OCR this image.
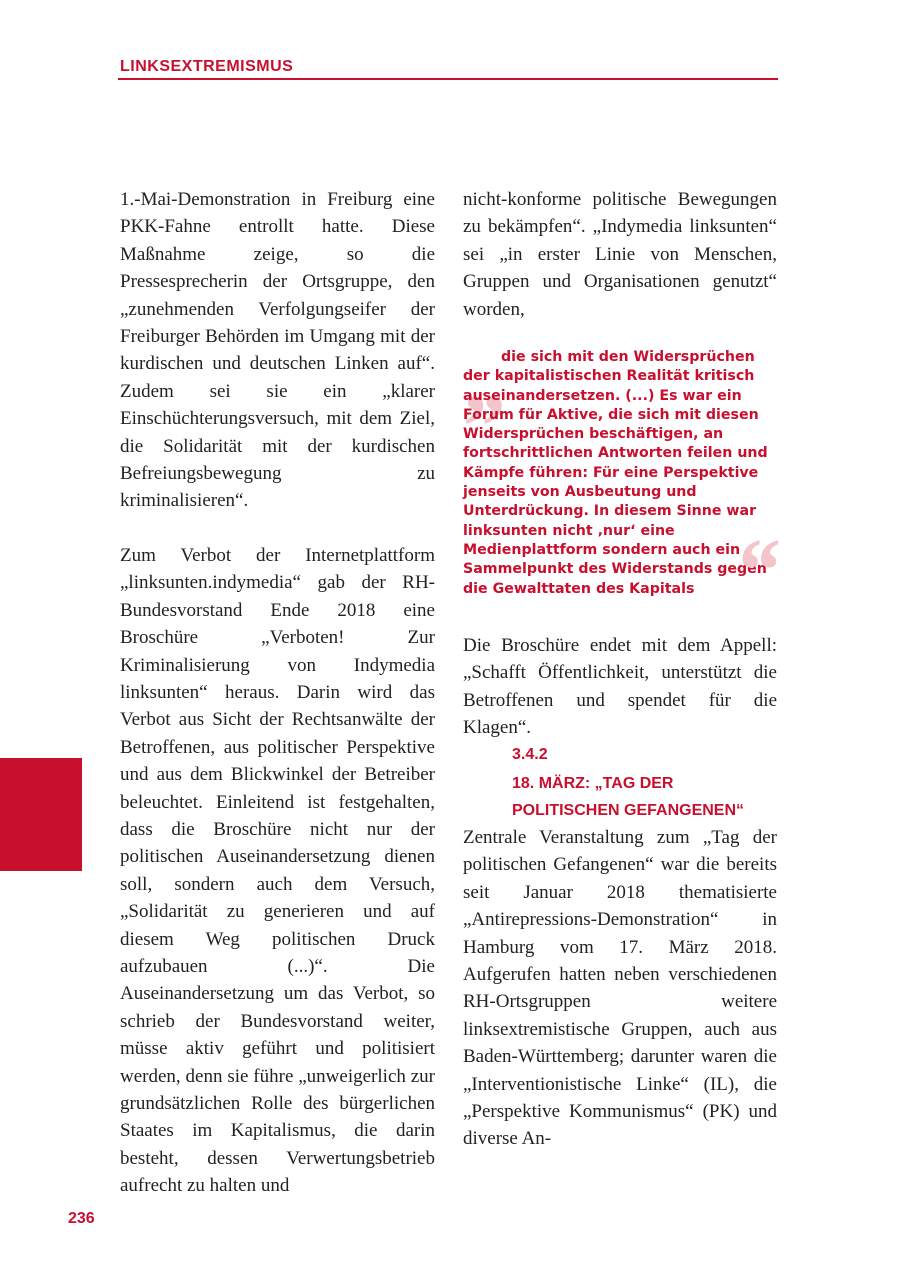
LINKSEXTREMISMUS

1.-Mai-Demonstration in Freiburg eine PKK-Fahne entrollt hatte. Diese Maßnahme zeige, so die Pressesprecherin der Ortsgruppe, den „zunehmenden Verfolgungseifer der Freiburger Behörden im Umgang mit der kurdischen und deutschen Linken auf“. Zudem sei sie ein „klarer Einschüchterungsversuch, mit dem Ziel, die Solidarität mit der kurdischen Befreiungsbewegung zu kriminalisieren“.

Zum Verbot der Internetplattform „linksunten.indymedia“ gab der RH-Bundesvorstand Ende 2018 eine Broschüre „Verboten! Zur Kriminalisierung von Indymedia linksunten“ heraus. Darin wird das Verbot aus Sicht der Rechtsanwälte der Betroffenen, aus politischer Perspektive und aus dem Blickwinkel der Betreiber beleuchtet. Einleitend ist festgehalten, dass die Broschüre nicht nur der politischen Auseinandersetzung dienen soll, sondern auch dem Versuch, „Solidarität zu generieren und auf diesem Weg politischen Druck aufzubauen (...)“. Die Auseinandersetzung um das Verbot, so schrieb der Bundesvorstand weiter, müsse aktiv geführt und politisiert werden, denn sie führe „unweigerlich zur grundsätzlichen Rolle des bürgerlichen Staates im Kapitalismus, die darin besteht, dessen Verwertungsbetrieb aufrecht zu halten und

nicht-konforme politische Bewegungen zu bekämpfen“. „Indymedia linksunten“ sei „in erster Linie von Menschen, Gruppen und Organisationen genutzt“ worden,

„

die sich mit den Widersprüchen der kapitalistischen Realität kritisch auseinandersetzen. (...) Es war ein Forum für Aktive, die sich mit diesen Widersprüchen beschäftigen, an fortschrittlichen Antworten feilen und Kämpfe führen: Für eine Perspektive jenseits von Ausbeutung und Unterdrückung. In diesem Sinne war linksunten nicht ‚nur‘ eine Medienplattform sondern auch ein Sammelpunkt des Widerstands gegen die Gewalttaten des Kapitals “

Die Broschüre endet mit dem Appell: „Schafft Öffentlichkeit, unterstützt die Betroffenen und spendet für die Klagen“.

3.4.2
18. MÄRZ: „TAG DER
POLITISCHEN GEFANGENEN“

Zentrale Veranstaltung zum „Tag der politischen Gefangenen“ war die bereits seit Januar 2018 thematisierte „Antirepressions-Demonstration“ in Hamburg vom 17. März 2018. Aufgerufen hatten neben verschiedenen RH-Ortsgruppen weitere linksextremistische Gruppen, auch aus Baden-Württemberg; darunter waren die „Interventionistische Linke“ (IL), die „Perspektive Kommunismus“ (PK) und diverse An-

236
